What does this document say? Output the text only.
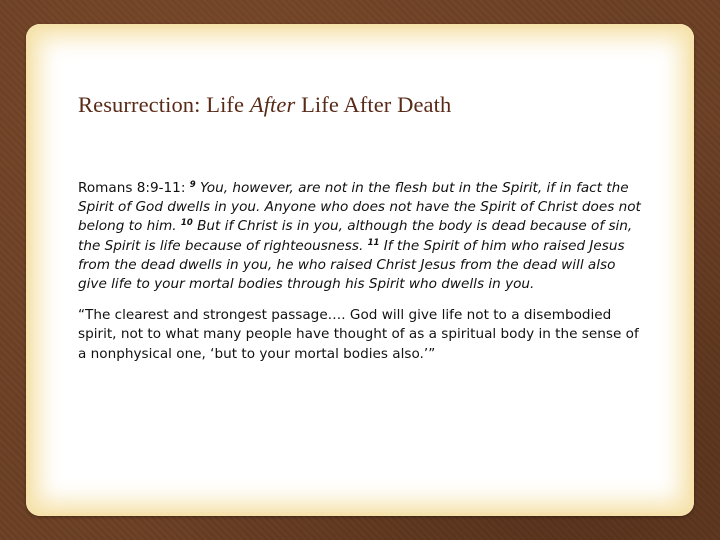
Resurrection: Life After Life After Death

Romans 8:9-11: $^9$ You, however, are not in the flesh but in the Spirit, if in fact the Spirit of God dwells in you. Anyone who does not have the Spirit of Christ does not belong to him. $^{10}$ But if Christ is in you, although the body is dead because of sin, the Spirit is life because of righteousness. $^{11}$ If the Spirit of him who raised Jesus from the dead dwells in you, he who raised Christ Jesus from the dead will also give life to your mortal bodies through his Spirit who dwells in you.

“The clearest and strongest passage…. God will give life not to a disembodied spirit, not to what many people have thought of as a spiritual body in the sense of a nonphysical one, ‘but to your mortal bodies also.’”
